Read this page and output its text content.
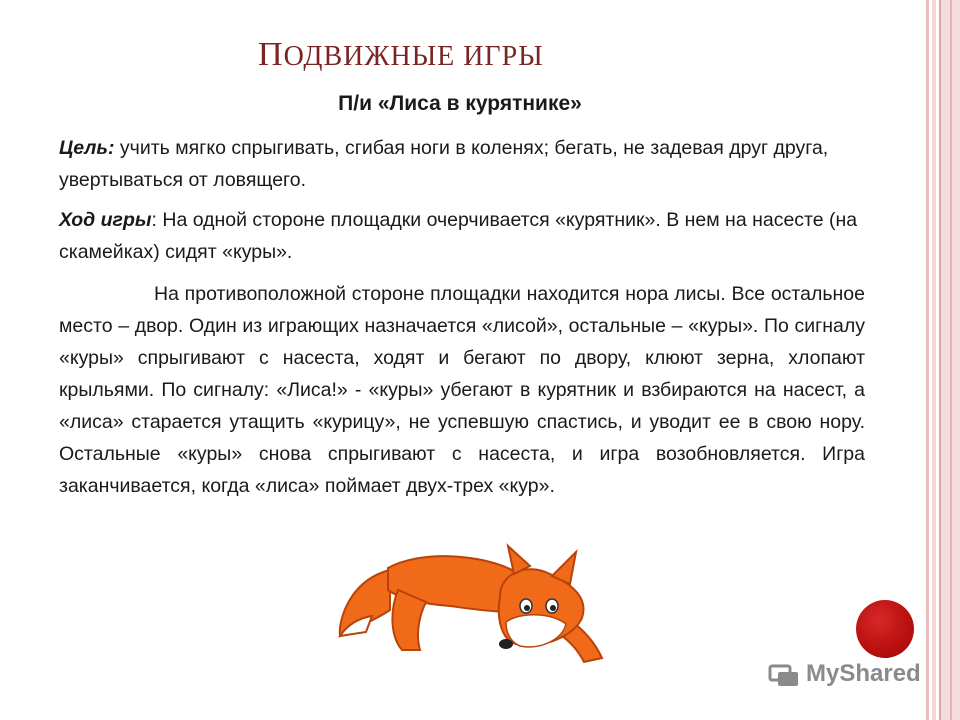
ПОДВИЖНЫЕ ИГРЫ
П/и «Лиса в курятнике»
Цель: учить мягко спрыгивать, сгибая ноги в коленях; бегать, не задевая друг друга, увертываться от ловящего.
Ход игры: На одной стороне площадки очерчивается «курятник». В нем на насесте (на скамейках) сидят «куры».
На противоположной стороне площадки находится нора лисы. Все остальное место – двор. Один из играющих назначается «лисой», остальные – «куры». По сигналу «куры» спрыгивают с насеста, ходят и бегают по двору, клюют зерна, хлопают крыльями. По сигналу: «Лиса!» - «куры» убегают в курятник и взбираются на насест, а «лиса» старается утащить «курицу», не успевшую спастись, и уводит ее в свою нору. Остальные «куры» снова спрыгивают с насеста, и игра возобновляется. Игра заканчивается, когда «лиса» поймает двух-трех «кур».
MyShared
